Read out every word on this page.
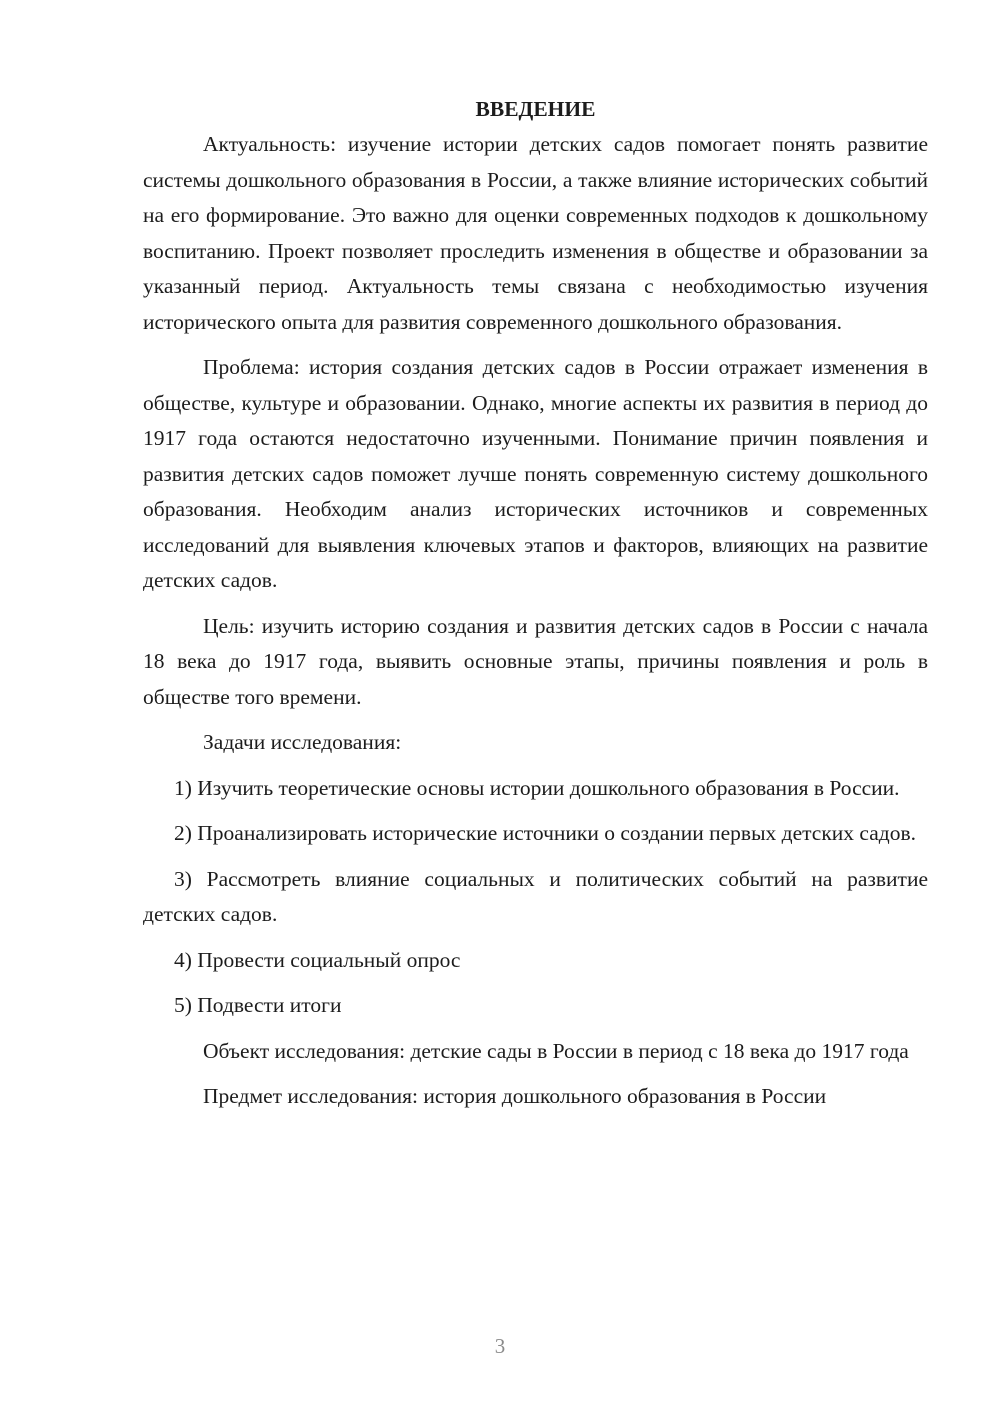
ВВЕДЕНИЕ

Актуальность: изучение истории детских садов помогает понять развитие системы дошкольного образования в России, а также влияние исторических событий на его формирование. Это важно для оценки современных подходов к дошкольному воспитанию. Проект позволяет проследить изменения в обществе и образовании за указанный период. Актуальность темы связана с необходимостью изучения исторического опыта для развития современного дошкольного образования.

Проблема: история создания детских садов в России отражает изменения в обществе, культуре и образовании. Однако, многие аспекты их развития в период до 1917 года остаются недостаточно изученными. Понимание причин появления и развития детских садов поможет лучше понять современную систему дошкольного образования. Необходим анализ исторических источников и современных исследований для выявления ключевых этапов и факторов, влияющих на развитие детских садов.

Цель: изучить историю создания и развития детских садов в России с начала 18 века до 1917 года, выявить основные этапы, причины появления и роль в обществе того времени.

Задачи исследования:

1) Изучить теоретические основы истории дошкольного образования в России.

2) Проанализировать исторические источники о создании первых детских садов.

3) Рассмотреть влияние социальных и политических событий на развитие детских садов.

4) Провести социальный опрос

5) Подвести итоги

Объект исследования: детские сады в России в период с 18 века до 1917 года

Предмет исследования: история дошкольного образования в России

3
